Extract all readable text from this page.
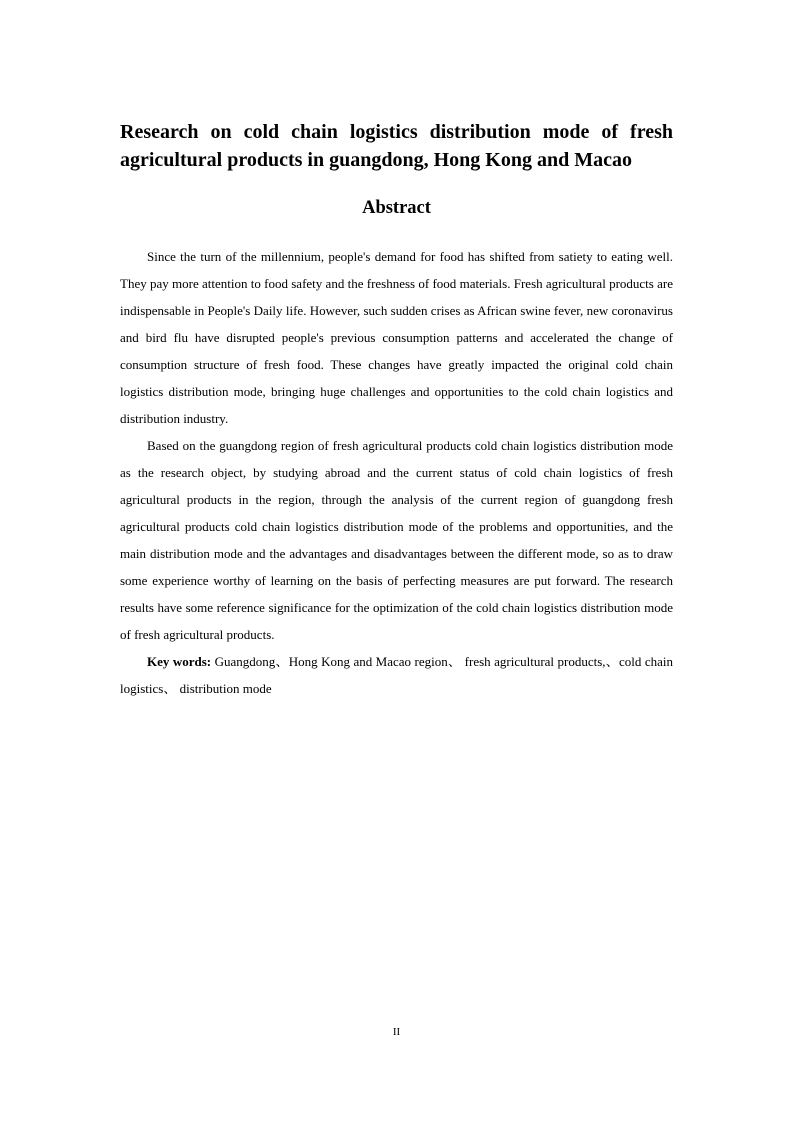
Research on cold chain logistics distribution mode of fresh agricultural products in guangdong, Hong Kong and Macao
Abstract

Since the turn of the millennium, people's demand for food has shifted from satiety to eating well. They pay more attention to food safety and the freshness of food materials. Fresh agricultural products are indispensable in People's Daily life. However, such sudden crises as African swine fever, new coronavirus and bird flu have disrupted people's previous consumption patterns and accelerated the change of consumption structure of fresh food. These changes have greatly impacted the original cold chain logistics distribution mode, bringing huge challenges and opportunities to the cold chain logistics and distribution industry.

Based on the guangdong region of fresh agricultural products cold chain logistics distribution mode as the research object, by studying abroad and the current status of cold chain logistics of fresh agricultural products in the region, through the analysis of the current region of guangdong fresh agricultural products cold chain logistics distribution mode of the problems and opportunities, and the main distribution mode and the advantages and disadvantages between the different mode, so as to draw some experience worthy of learning on the basis of perfecting measures are put forward. The research results have some reference significance for the optimization of the cold chain logistics distribution mode of fresh agricultural products.

Key words: Guangdong、Hong Kong and Macao region、 fresh agricultural products,、cold chain logistics、 distribution mode

II
